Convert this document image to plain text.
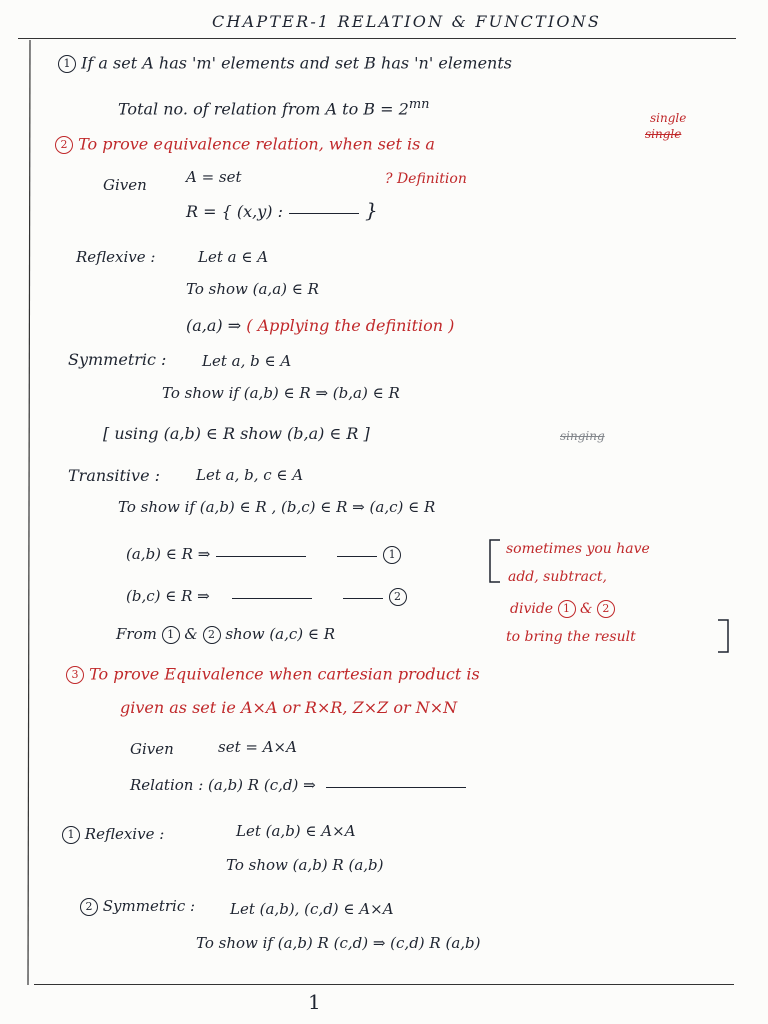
CHAPTER-1 RELATION & FUNCTIONS
1 If a set A has 'm' elements and set B has 'n' elements
Total no. of relation from A to $B = 2^{mn}$
2 To prove equivalence relation, when set is a
single
single
Given	A = set	? Definition
R = { (x,y) :	}
Reflexive :	Let a ∈ A
To show (a,a) ∈ R
(a,a) ⇒ ( Applying the definition )
Symmetric : Let a, b ∈ A
To show if (a,b) ∈ R ⇒ (b,a) ∈ R
[ using (a,b) ∈ R show (b,a) ∈ R ]	singing
Transitive : Let a, b, c ∈ A
To show if (a,b) ∈ R , (b,c) ∈ R ⇒ (a,c) ∈ R
(a,b) ∈ R ⇒	1
(b,c) ∈ R ⇒	2
From 1 & 2 show (a,c) ∈ R
sometimes you have
add, subtract,
divide 1 & 2
to bring the result
3 To prove Equivalence when cartesian product is
given as set ie A×A or R×R, Z×Z or N×N
Given	set = A×A
Relation : (a,b) R (c,d) ⇒
1 Reflexive :	Let (a,b) ∈ A×A
To show (a,b) R (a,b)
2 Symmetric : Let (a,b), (c,d) ∈ A×A
To show if (a,b) R (c,d) ⇒ (c,d) R (a,b)
1
